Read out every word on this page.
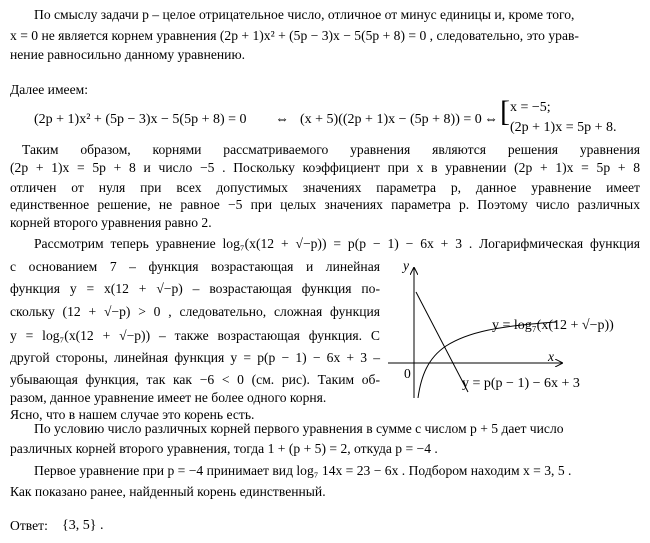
По смыслу задачи p – целое отрицательное число, отличное от минус единицы и, кроме того,
x = 0 не является корнем уравнения (2p + 1)x² + (5p − 3)x − 5(5p + 8) = 0 , следовательно, это урав-
нение равносильно данному уравнению.
Далее имеем:
(2p + 1)x² + (5p − 3)x − 5(5p + 8) = 0 ⇔ (x + 5)((2p + 1)x − (5p + 8)) = 0 ⇔ [ x = −5;
(2p + 1)x = 5p + 8.
Таким образом, корнями рассматриваемого уравнения являются решения уравнения
(2p + 1)x = 5p + 8 и число −5 . Поскольку коэффициент при x в уравнении (2p + 1)x = 5p + 8
отличен от нуля при всех допустимых значениях параметра p, данное уравнение имеет
единственное решение, не равное −5 при целых значениях параметра p. Поэтому число различных
корней второго уравнения равно 2.
Рассмотрим теперь уравнение log₇(x(12 + √−p)) = p(p − 1) − 6x + 3 . Логарифмическая функция
с основанием 7 – функция возрастающая и линейная
функция y = x(12 + √−p) – возрастающая функция по-
скольку (12 + √−p) > 0 , следовательно, сложная функция
y = log₇(x(12 + √−p)) – также возрастающая функция. С
другой стороны, линейная функция y = p(p − 1) − 6x + 3 –
убывающая функция, так как −6 < 0 (см. рис). Таким об-
разом, данное уравнение имеет не более одного корня.
Ясно, что в нашем случае это корень есть.
y
x
0
y = log₇(x(12 + √−p))
y = p(p − 1) − 6x + 3
По условию число различных корней первого уравнения в сумме с числом p + 5 дает число
различных корней второго уравнения, тогда 1 + (p + 5) = 2, откуда p = −4 .
Первое уравнение при p = −4 принимает вид log₇ 14x = 23 − 6x . Подбором находим x = 3, 5 .
Как показано ранее, найденный корень единственный.
Ответ: {3, 5} .
